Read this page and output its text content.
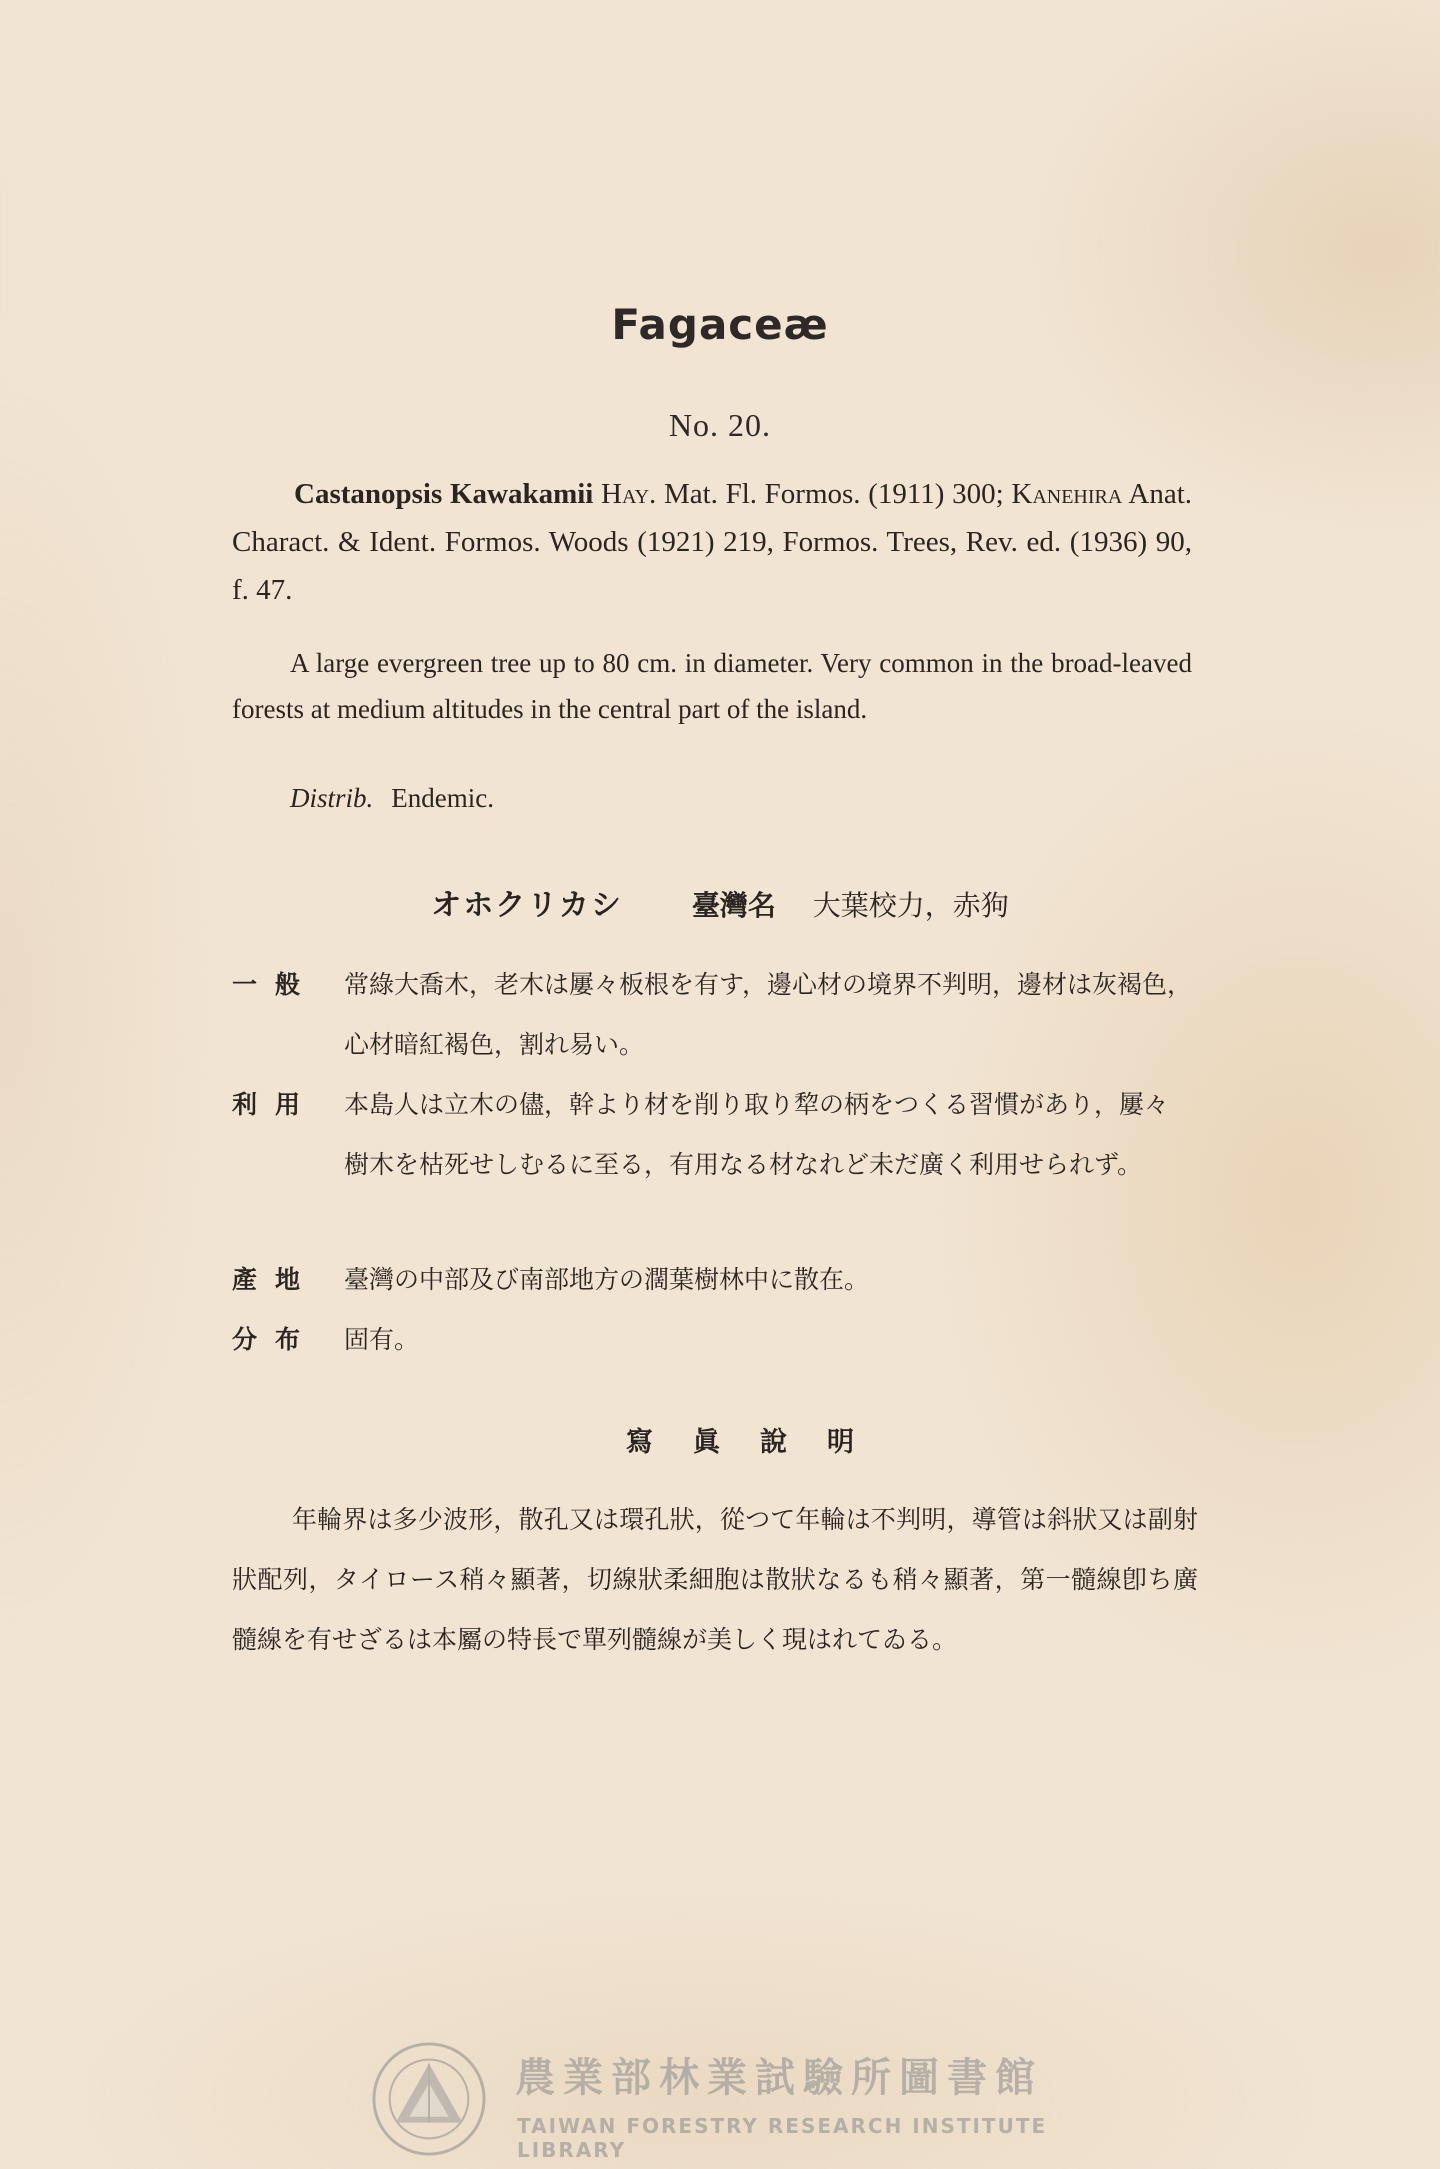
Fagaceæ
No. 20.
Castanopsis Kawakamii Hay. Mat. Fl. Formos. (1911) 300; Kanehira Anat. Charact. & Ident. Formos. Woods (1921) 219, Formos. Trees, Rev. ed. (1936) 90, f. 47.
A large evergreen tree up to 80 cm. in diameter. Very common in the broad-leaved forests at medium altitudes in the central part of the island.
Distrib. Endemic.
オホクリカシ 臺灣名 大葉校力，赤狗
一般 常綠大喬木，老木は屢々板根を有す，邊心材の境界不判明，邊材は灰褐色，心材暗紅褐色，割れ易い。
利用 本島人は立木の儘，幹より材を削り取り犂の柄をつくる習慣があり，屢々樹木を枯死せしむるに至る，有用なる材なれど未だ廣く利用せられず。
產地 臺灣の中部及び南部地方の濶葉樹林中に散在。
分布 固有。
寫眞說明
年輪界は多少波形，散孔又は環孔狀，從つて年輪は不判明，導管は斜狀又は副射狀配列，タイロース稍々顯著，切線狀柔細胞は散狀なるも稍々顯著，第一髓線卽ち廣髓線を有せざるは本屬の特長で單列髓線が美しく現はれてゐる。
農業部林業試驗所圖書館
TAIWAN FORESTRY RESEARCH INSTITUTE LIBRARY
